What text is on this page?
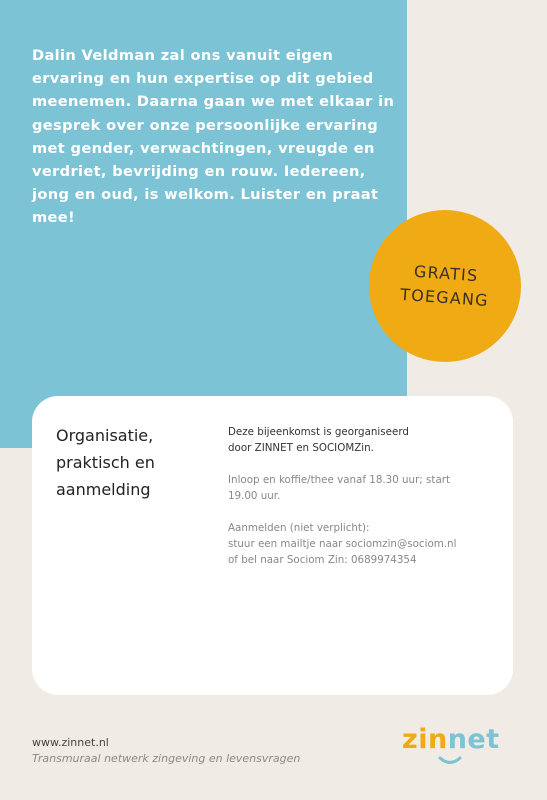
Dalin Veldman zal ons vanuit eigen
ervaring en hun expertise op dit gebied
meenemen. Daarna gaan we met elkaar in
gesprek over onze persoonlijke ervaring
met gender, verwachtingen, vreugde en
verdriet, bevrijding en rouw. Iedereen,
jong en oud, is welkom. Luister en praat
mee!

GRATIS
TOEGANG
Organisatie,
praktisch en
aanmelding

Deze bijeenkomst is georganiseerd
door ZINNET en SOCIOMZin.

Inloop en koffie/thee vanaf 18.30 uur; start
19.00 uur.

Aanmelden (niet verplicht):
stuur een mailtje naar sociomzin@sociom.nl
of bel naar Sociom Zin: 0689974354

www.zinnet.nl
Transmuraal netwerk zingeving en levensvragen
zinnet
